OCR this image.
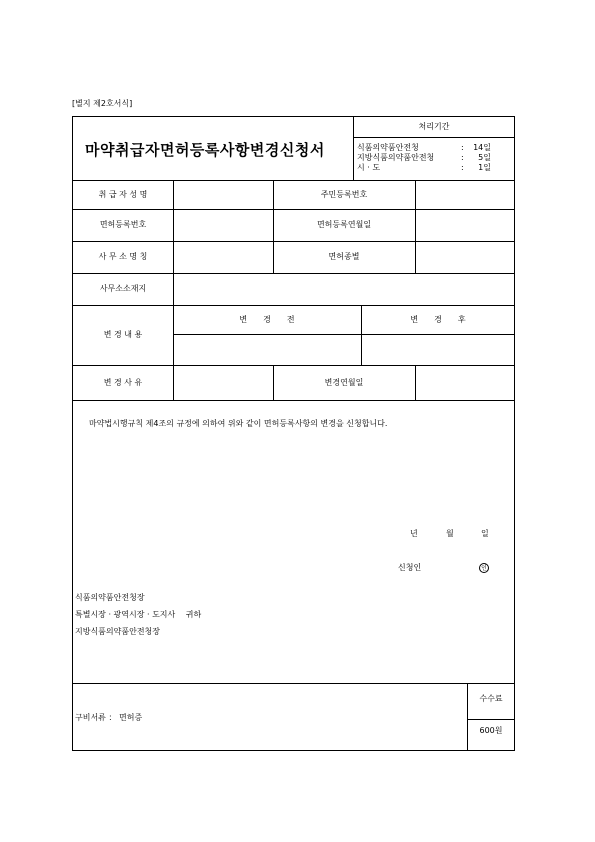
[별지 제2호서식]
마약취급자면허등록사항변경신청서
처리기간
식품의약품안전청	: 14일
지방식품의약품안전청	: 5일
시 · 도	: 1일
취 급 자 성 명	주민등록번호
면허등록번호	면허등록연월일
사 무 소 명 칭	면허종별
사무소소재지
변 경 내 용
변　　경　　전	변　　경　　후
변 경 사 유	변경연월일
마약법시행규칙 제4조의 규정에 의하여 위와 같이 면허등록사항의 변경을 신청합니다.
년	월	일
신청인	인
식품의약품안전청장
특별시장 · 광역시장 · 도지사　 귀하
지방식품의약품안전청장
구비서류 ： 면허증
수수료
600원
